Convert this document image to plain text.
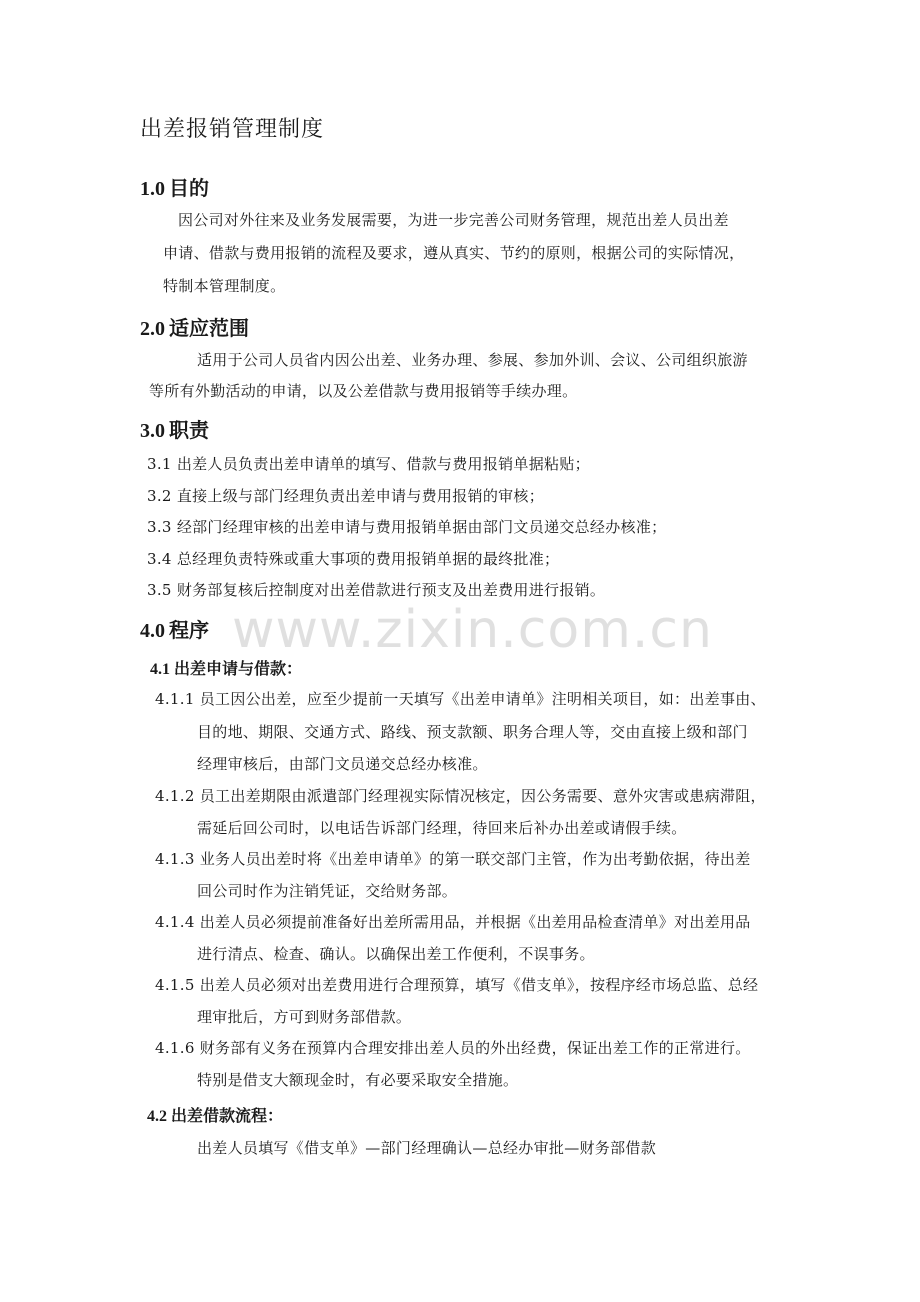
www.zixin.com.cn
出差报销管理制度
1.0 目的
因公司对外往来及业务发展需要，为进一步完善公司财务管理，规范出差人员出差
申请、借款与费用报销的流程及要求，遵从真实、节约的原则，根据公司的实际情况，
特制本管理制度。
2.0 适应范围
适用于公司人员省内因公出差、业务办理、参展、参加外训、会议、公司组织旅游
等所有外勤活动的申请，以及公差借款与费用报销等手续办理。
3.0 职责
3.1 出差人员负责出差申请单的填写、借款与费用报销单据粘贴；
3.2 直接上级与部门经理负责出差申请与费用报销的审核；
3.3 经部门经理审核的出差申请与费用报销单据由部门文员递交总经办核准；
3.4 总经理负责特殊或重大事项的费用报销单据的最终批准；
3.5 财务部复核后控制度对出差借款进行预支及出差费用进行报销。
4.0 程序
4.1 出差申请与借款：
4.1.1 员工因公出差，应至少提前一天填写《出差申请单》注明相关项目，如：出差事由、
目的地、期限、交通方式、路线、预支款额、职务合理人等，交由直接上级和部门
经理审核后，由部门文员递交总经办核准。
4.1.2 员工出差期限由派遣部门经理视实际情况核定，因公务需要、意外灾害或患病滞阻，
需延后回公司时，以电话告诉部门经理，待回来后补办出差或请假手续。
4.1.3 业务人员出差时将《出差申请单》的第一联交部门主管，作为出考勤依据，待出差
回公司时作为注销凭证，交给财务部。
4.1.4 出差人员必须提前准备好出差所需用品，并根据《出差用品检查清单》对出差用品
进行清点、检查、确认。以确保出差工作便利，不误事务。
4.1.5 出差人员必须对出差费用进行合理预算，填写《借支单》，按程序经市场总监、总经
理审批后，方可到财务部借款。
4.1.6 财务部有义务在预算内合理安排出差人员的外出经费，保证出差工作的正常进行。
特别是借支大额现金时，有必要采取安全措施。
4.2 出差借款流程：
出差人员填写《借支单》—部门经理确认—总经办审批—财务部借款
